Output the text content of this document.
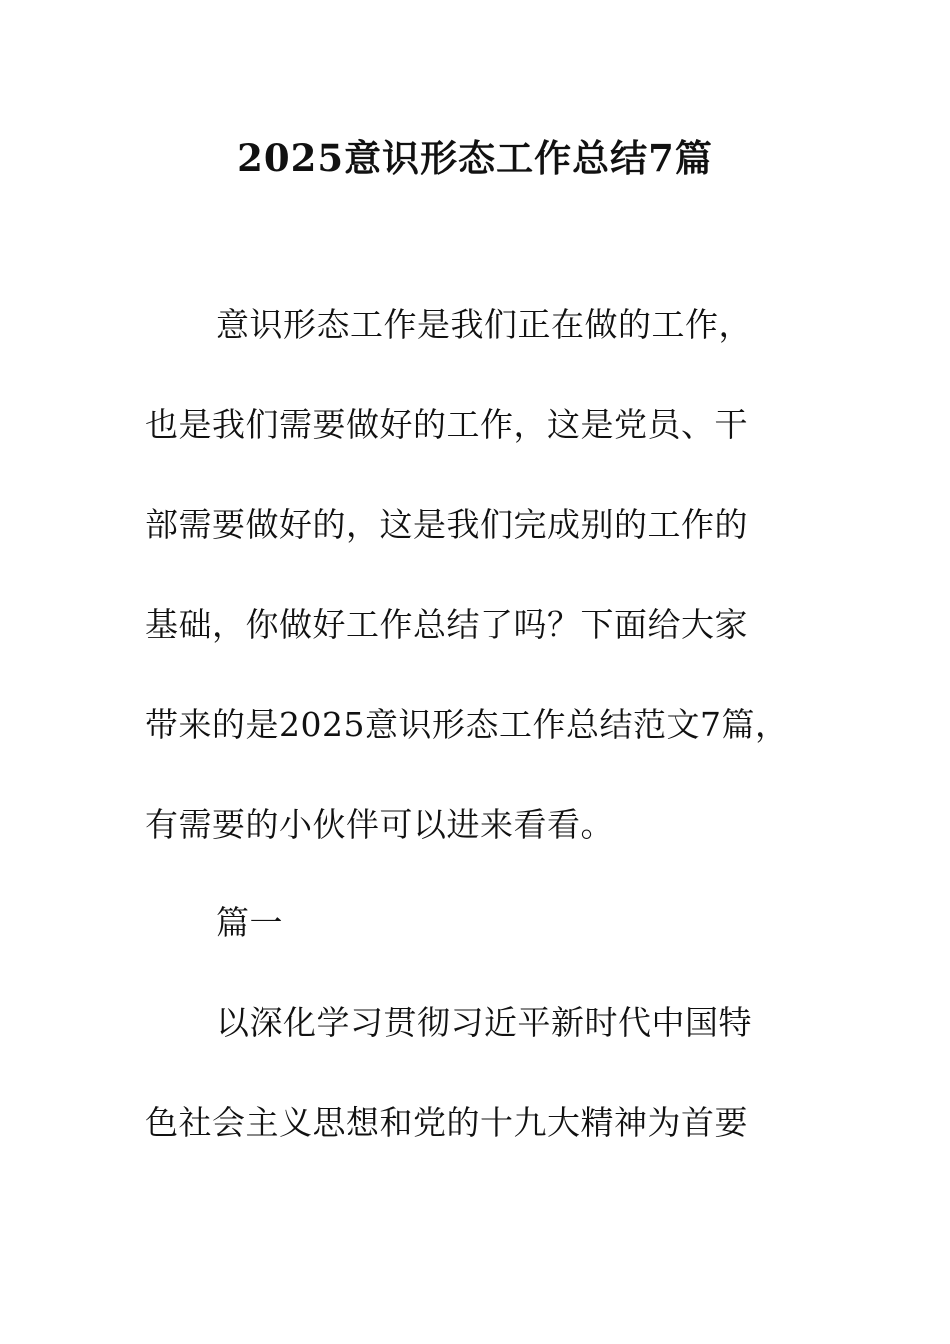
2025意识形态工作总结7篇
意识形态工作是我们正在做的工作，
也是我们需要做好的工作，这是党员、干
部需要做好的，这是我们完成别的工作的
基础，你做好工作总结了吗？下面给大家
带来的是2025意识形态工作总结范文7篇，
有需要的小伙伴可以进来看看。
篇一
以深化学习贯彻习近平新时代中国特
色社会主义思想和党的十九大精神为首要
